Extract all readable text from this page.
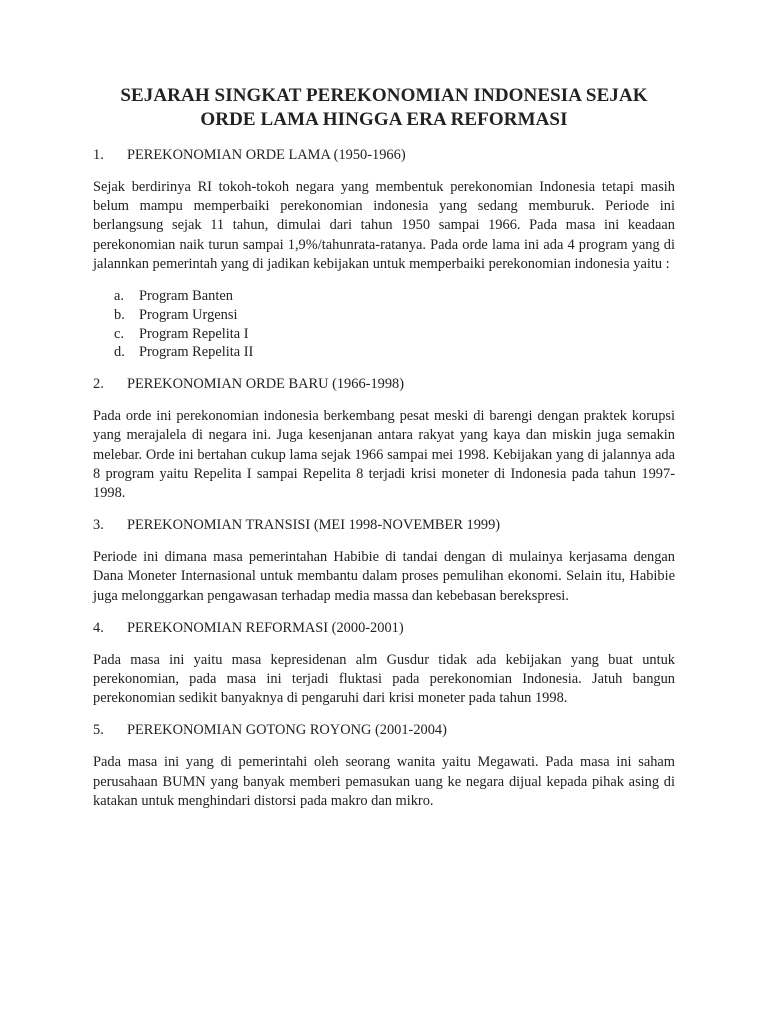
SEJARAH SINGKAT PEREKONOMIAN INDONESIA SEJAK ORDE LAMA HINGGA ERA REFORMASI
1.	PEREKONOMIAN ORDE LAMA (1950-1966)

Sejak berdirinya RI tokoh-tokoh negara yang membentuk perekonomian Indonesia tetapi masih belum mampu memperbaiki perekonomian indonesia yang sedang memburuk. Periode ini berlangsung sejak 11 tahun, dimulai dari tahun 1950 sampai 1966. Pada masa ini keadaan perekonomian naik turun sampai 1,9%/tahunrata-ratanya. Pada orde lama ini ada 4 program yang di jalannkan pemerintah yang di jadikan kebijakan untuk memperbaiki perekonomian indonesia yaitu :

a.	Program Banten
b. Program Urgensi
c.	Program Repelita I
d. Program Repelita II
2.	PEREKONOMIAN ORDE BARU (1966-1998)

Pada orde ini perekonomian indonesia berkembang pesat meski di barengi dengan praktek korupsi yang merajalela di negara ini. Juga kesenjanan antara rakyat yang kaya dan miskin juga semakin melebar. Orde ini bertahan cukup lama sejak 1966 sampai mei 1998. Kebijakan yang di jalannya ada 8 program yaitu Repelita I sampai Repelita 8 terjadi krisi moneter di Indonesia pada tahun 1997-1998.

3.	PEREKONOMIAN TRANSISI (MEI 1998-NOVEMBER 1999)

Periode ini dimana masa pemerintahan Habibie di tandai dengan di mulainya kerjasama dengan Dana Moneter Internasional untuk membantu dalam proses pemulihan ekonomi. Selain itu, Habibie juga melonggarkan pengawasan terhadap media massa dan kebebasan berekspresi.

4.	PEREKONOMIAN REFORMASI (2000-2001)

Pada masa ini yaitu masa kepresidenan alm Gusdur tidak ada kebijakan yang buat untuk perekonomian, pada masa ini terjadi fluktasi pada perekonomian Indonesia. Jatuh bangun perekonomian sedikit banyaknya di pengaruhi dari krisi moneter pada tahun 1998.

5.	PEREKONOMIAN GOTONG ROYONG (2001-2004)

Pada masa ini yang di pemerintahi oleh seorang wanita yaitu Megawati. Pada masa ini saham perusahaan BUMN yang banyak memberi pemasukan uang ke negara dijual kepada pihak asing di katakan untuk menghindari distorsi pada makro dan mikro.
